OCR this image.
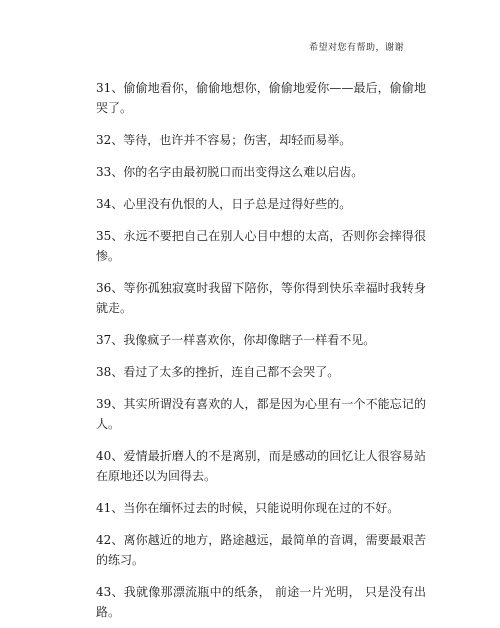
希望对您有帮助，谢谢

31、偷偷地看你，偷偷地想你，偷偷地爱你——最后，偷偷地哭了。

32、等待，也许并不容易；伤害，却轻而易举。

33、你的名字由最初脱口而出变得这么难以启齿。

34、心里没有仇恨的人，日子总是过得好些的。

35、永远不要把自己在别人心目中想的太高，否则你会摔得很惨。

36、等你孤独寂寞时我留下陪你，等你得到快乐幸福时我转身就走。

37、我像疯子一样喜欢你，你却像瞎子一样看不见。

38、看过了太多的挫折，连自己都不会哭了。

39、其实所谓没有喜欢的人，都是因为心里有一个不能忘记的人。

40、爱情最折磨人的不是离别，而是感动的回忆让人很容易站在原地还以为回得去。

41、当你在缅怀过去的时候，只能说明你现在过的不好。

42、离你越近的地方，路途越远，最简单的音调，需要最艰苦的练习。

43、我就像那漂流瓶中的纸条， 前途一片光明， 只是没有出路。
